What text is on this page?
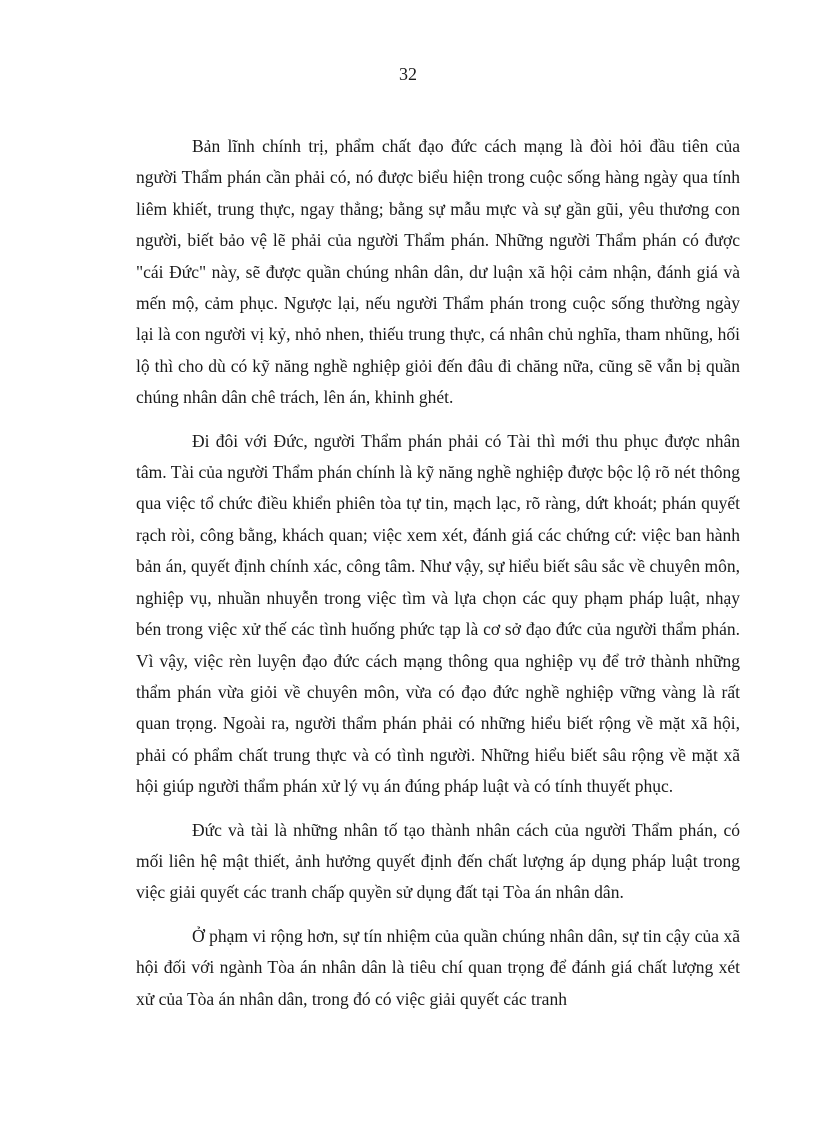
32

Bản lĩnh chính trị, phẩm chất đạo đức cách mạng là đòi hỏi đầu tiên của người Thẩm phán cần phải có, nó được biểu hiện trong cuộc sống hàng ngày qua tính liêm khiết, trung thực, ngay thẳng; bằng sự mẫu mực và sự gần gũi, yêu thương con người, biết bảo vệ lẽ phải của người Thẩm phán. Những người Thẩm phán có được "cái Đức" này, sẽ được quần chúng nhân dân, dư luận xã hội cảm nhận, đánh giá và mến mộ, cảm phục. Ngược lại, nếu người Thẩm phán trong cuộc sống thường ngày lại là con người vị kỷ, nhỏ nhen, thiếu trung thực, cá nhân chủ nghĩa, tham nhũng, hối lộ thì cho dù có kỹ năng nghề nghiệp giỏi đến đâu đi chăng nữa, cũng sẽ vẫn bị quần chúng nhân dân chê trách, lên án, khinh ghét.

Đi đôi với Đức, người Thẩm phán phải có Tài thì mới thu phục được nhân tâm. Tài của người Thẩm phán chính là kỹ năng nghề nghiệp được bộc lộ rõ nét thông qua việc tổ chức điều khiển phiên tòa tự tin, mạch lạc, rõ ràng, dứt khoát; phán quyết rạch ròi, công bằng, khách quan; việc xem xét, đánh giá các chứng cứ: việc ban hành bản án, quyết định chính xác, công tâm. Như vậy, sự hiểu biết sâu sắc về chuyên môn, nghiệp vụ, nhuần nhuyễn trong việc tìm và lựa chọn các quy phạm pháp luật, nhạy bén trong việc xử thế các tình huống phức tạp là cơ sở đạo đức của người thẩm phán. Vì vậy, việc rèn luyện đạo đức cách mạng thông qua nghiệp vụ để trở thành những thẩm phán vừa giỏi về chuyên môn, vừa có đạo đức nghề nghiệp vững vàng là rất quan trọng. Ngoài ra, người thẩm phán phải có những hiểu biết rộng về mặt xã hội, phải có phẩm chất trung thực và có tình người. Những hiểu biết sâu rộng về mặt xã hội giúp người thẩm phán xử lý vụ án đúng pháp luật và có tính thuyết phục.

Đức và tài là những nhân tố tạo thành nhân cách của người Thẩm phán, có mối liên hệ mật thiết, ảnh hưởng quyết định đến chất lượng áp dụng pháp luật trong việc giải quyết các tranh chấp quyền sử dụng đất tại Tòa án nhân dân.

Ở phạm vi rộng hơn, sự tín nhiệm của quần chúng nhân dân, sự tin cậy của xã hội đối với ngành Tòa án nhân dân là tiêu chí quan trọng để đánh giá chất lượng xét xử của Tòa án nhân dân, trong đó có việc giải quyết các tranh
